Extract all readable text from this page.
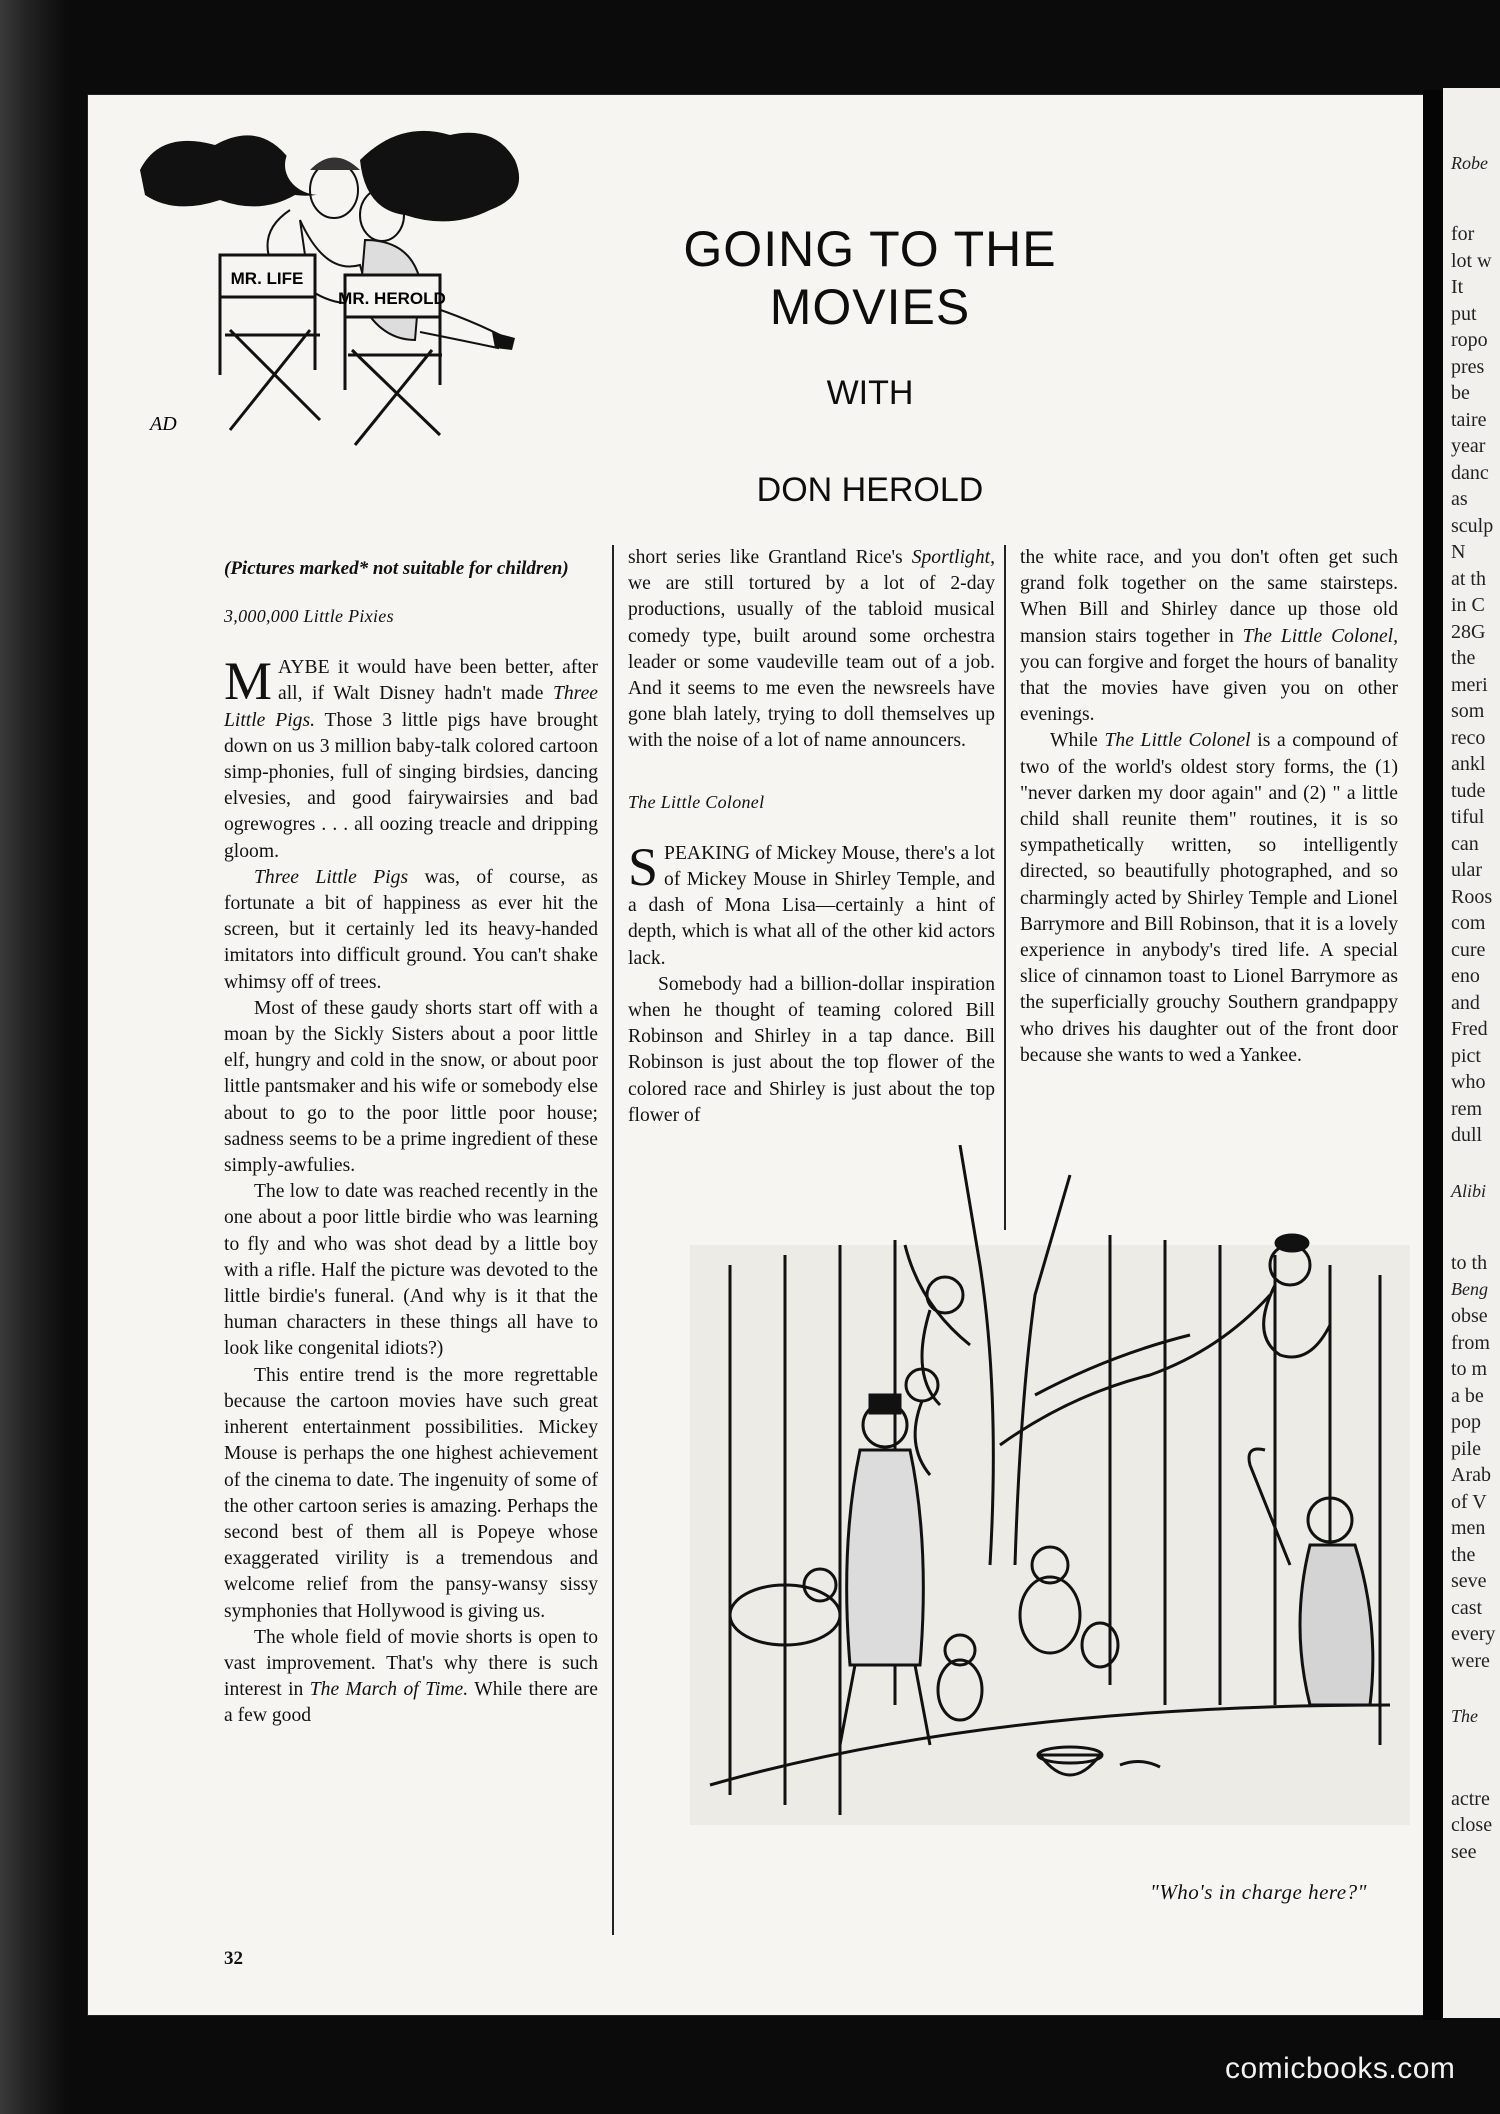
Robe
for
lot w
It
put
ropo
pres
be
taire
year
danc
as
sculp
N
at th
in C
28G
the
meri
som
reco
ankl
tude
tiful
can
ular
Roos
com
cure
eno
and
Fred
pict
who
rem
dull
Alibi
to th
Beng
obse
from
to m
a be
pop
pile
Arab
of V
men
the
seve
cast
every
were
The
actre
close
see
MR. LIFE
MR. HEROLD
AD
GOING TO THE MOVIES
WITH
DON HEROLD

(Pictures marked* not suitable for children)

3,000,000 Little Pixies

MAYBE it would have been better, after all, if Walt Disney hadn't made Three Little Pigs. Those 3 little pigs have brought down on us 3 million baby-talk colored cartoon simp-phonies, full of singing birdsies, dancing elvesies, and good fairywairsies and bad ogrewogres . . . all oozing treacle and dripping gloom.

Three Little Pigs was, of course, as fortunate a bit of happiness as ever hit the screen, but it certainly led its heavy-handed imitators into difficult ground. You can't shake whimsy off of trees.

Most of these gaudy shorts start off with a moan by the Sickly Sisters about a poor little elf, hungry and cold in the snow, or about poor little pantsmaker and his wife or somebody else about to go to the poor little poor house; sadness seems to be a prime ingredient of these simply-awfulies.

The low to date was reached recently in the one about a poor little birdie who was learning to fly and who was shot dead by a little boy with a rifle. Half the picture was devoted to the little birdie's funeral. (And why is it that the human characters in these things all have to look like congenital idiots?)

This entire trend is the more regrettable because the cartoon movies have such great inherent entertainment possibilities. Mickey Mouse is perhaps the one highest achievement of the cinema to date. The ingenuity of some of the other cartoon series is amazing. Perhaps the second best of them all is Popeye whose exaggerated virility is a tremendous and welcome relief from the pansy-wansy sissy symphonies that Hollywood is giving us.

The whole field of movie shorts is open to vast improvement. That's why there is such interest in The March of Time. While there are a few good

short series like Grantland Rice's Sportlight, we are still tortured by a lot of 2-day productions, usually of the tabloid musical comedy type, built around some orchestra leader or some vaudeville team out of a job. And it seems to me even the newsreels have gone blah lately, trying to doll themselves up with the noise of a lot of name announcers.

The Little Colonel

SPEAKING of Mickey Mouse, there's a lot of Mickey Mouse in Shirley Temple, and a dash of Mona Lisa—certainly a hint of depth, which is what all of the other kid actors lack.

Somebody had a billion-dollar inspiration when he thought of teaming colored Bill Robinson and Shirley in a tap dance. Bill Robinson is just about the top flower of the colored race and Shirley is just about the top flower of

the white race, and you don't often get such grand folk together on the same stairsteps. When Bill and Shirley dance up those old mansion stairs together in The Little Colonel, you can forgive and forget the hours of banality that the movies have given you on other evenings.

While The Little Colonel is a compound of two of the world's oldest story forms, the (1) "never darken my door again" and (2) " a little child shall reunite them" routines, it is so sympathetically written, so intelligently directed, so beautifully photographed, and so charmingly acted by Shirley Temple and Lionel Barrymore and Bill Robinson, that it is a lovely experience in anybody's tired life. A special slice of cinnamon toast to Lionel Barrymore as the superficially grouchy Southern grandpappy who drives his daughter out of the front door because she wants to wed a Yankee.

"Who's in charge here?"
32
comicbooks.com
